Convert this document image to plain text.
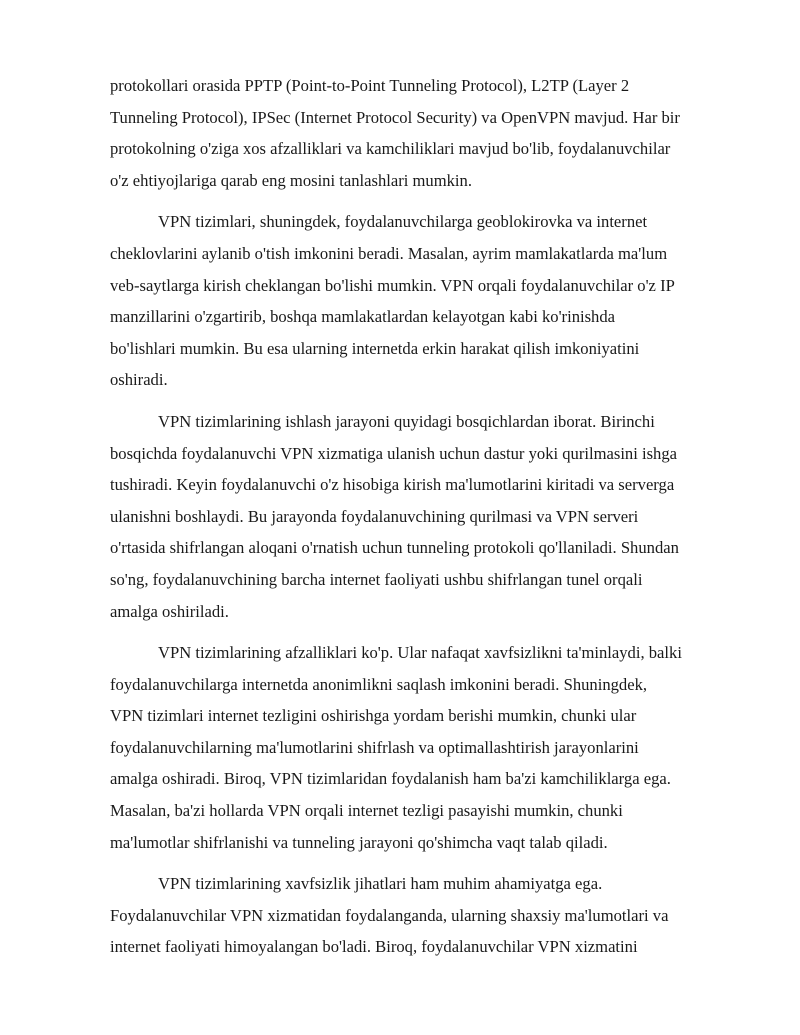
protokollari orasida PPTP (Point-to-Point Tunneling Protocol), L2TP (Layer 2
Tunneling Protocol), IPSec (Internet Protocol Security) va OpenVPN mavjud. Har bir
protokolning o'ziga xos afzalliklari va kamchiliklari mavjud bo'lib, foydalanuvchilar
o'z ehtiyojlariga qarab eng mosini tanlashlari mumkin.

VPN tizimlari, shuningdek, foydalanuvchilarga geoblokirovka va internet
cheklovlarini aylanib o'tish imkonini beradi. Masalan, ayrim mamlakatlarda ma'lum
veb-saytlarga kirish cheklangan bo'lishi mumkin. VPN orqali foydalanuvchilar o'z IP
manzillarini o'zgartirib, boshqa mamlakatlardan kelayotgan kabi ko'rinishda
bo'lishlari mumkin. Bu esa ularning internetda erkin harakat qilish imkoniyatini
oshiradi.

VPN tizimlarining ishlash jarayoni quyidagi bosqichlardan iborat. Birinchi
bosqichda foydalanuvchi VPN xizmatiga ulanish uchun dastur yoki qurilmasini ishga
tushiradi. Keyin foydalanuvchi o'z hisobiga kirish ma'lumotlarini kiritadi va serverga
ulanishni boshlaydi. Bu jarayonda foydalanuvchining qurilmasi va VPN serveri
o'rtasida shifrlangan aloqani o'rnatish uchun tunneling protokoli qo'llaniladi. Shundan
so'ng, foydalanuvchining barcha internet faoliyati ushbu shifrlangan tunel orqali
amalga oshiriladi.

VPN tizimlarining afzalliklari ko'p. Ular nafaqat xavfsizlikni ta'minlaydi, balki
foydalanuvchilarga internetda anonimlikni saqlash imkonini beradi. Shuningdek,
VPN tizimlari internet tezligini oshirishga yordam berishi mumkin, chunki ular
foydalanuvchilarning ma'lumotlarini shifrlash va optimallashtirish jarayonlarini
amalga oshiradi. Biroq, VPN tizimlaridan foydalanish ham ba'zi kamchiliklarga ega.
Masalan, ba'zi hollarda VPN orqali internet tezligi pasayishi mumkin, chunki
ma'lumotlar shifrlanishi va tunneling jarayoni qo'shimcha vaqt talab qiladi.

VPN tizimlarining xavfsizlik jihatlari ham muhim ahamiyatga ega.
Foydalanuvchilar VPN xizmatidan foydalanganda, ularning shaxsiy ma'lumotlari va
internet faoliyati himoyalangan bo'ladi. Biroq, foydalanuvchilar VPN xizmatini
